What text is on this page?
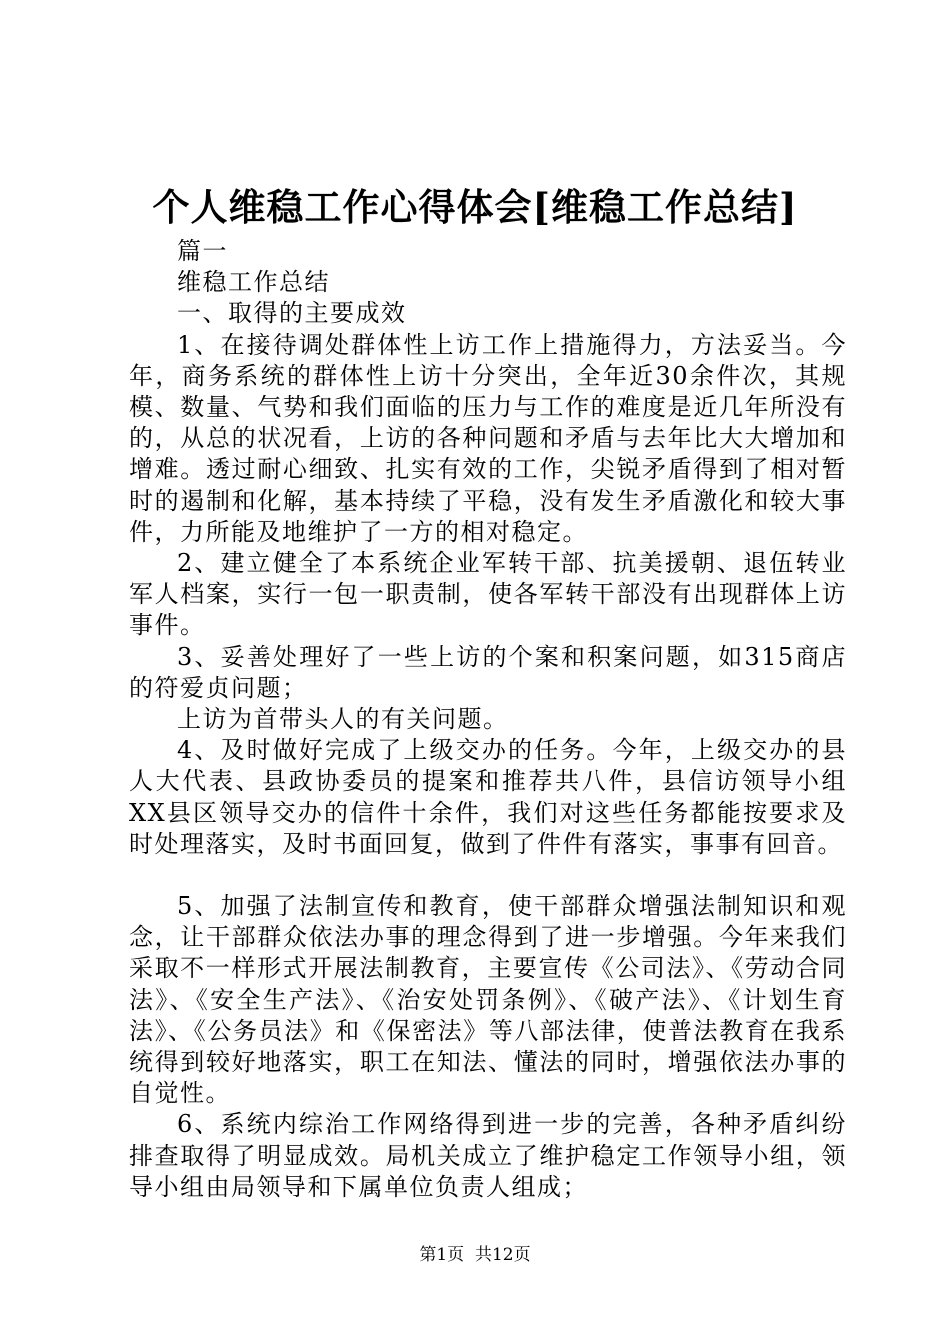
个人维稳工作心得体会[维稳工作总结]

篇一

维稳工作总结

一、取得的主要成效

1、在接待调处群体性上访工作上措施得力，方法妥当。今年，商务系统的群体性上访十分突出，全年近30余件次，其规模、数量、气势和我们面临的压力与工作的难度是近几年所没有的，从总的状况看，上访的各种问题和矛盾与去年比大大增加和增难。透过耐心细致、扎实有效的工作，尖锐矛盾得到了相对暂时的遏制和化解，基本持续了平稳，没有发生矛盾激化和较大事件，力所能及地维护了一方的相对稳定。

2、建立健全了本系统企业军转干部、抗美援朝、退伍转业军人档案，实行一包一职责制，使各军转干部没有出现群体上访事件。

3、妥善处理好了一些上访的个案和积案问题，如315商店的符爱贞问题；

上访为首带头人的有关问题。

4、及时做好完成了上级交办的任务。今年，上级交办的县人大代表、县政协委员的提案和推荐共八件，县信访领导小组XX县区领导交办的信件十余件，我们对这些任务都能按要求及时处理落实，及时书面回复，做到了件件有落实，事事有回音。

5、加强了法制宣传和教育，使干部群众增强法制知识和观念，让干部群众依法办事的理念得到了进一步增强。今年来我们采取不一样形式开展法制教育，主要宣传《公司法》、《劳动合同法》、《安全生产法》、《治安处罚条例》、《破产法》、《计划生育法》、《公务员法》和《保密法》等八部法律，使普法教育在我系统得到较好地落实，职工在知法、懂法的同时，增强依法办事的自觉性。

6、系统内综治工作网络得到进一步的完善，各种矛盾纠纷排查取得了明显成效。局机关成立了维护稳定工作领导小组，领导小组由局领导和下属单位负责人组成；

第1页  共12页
